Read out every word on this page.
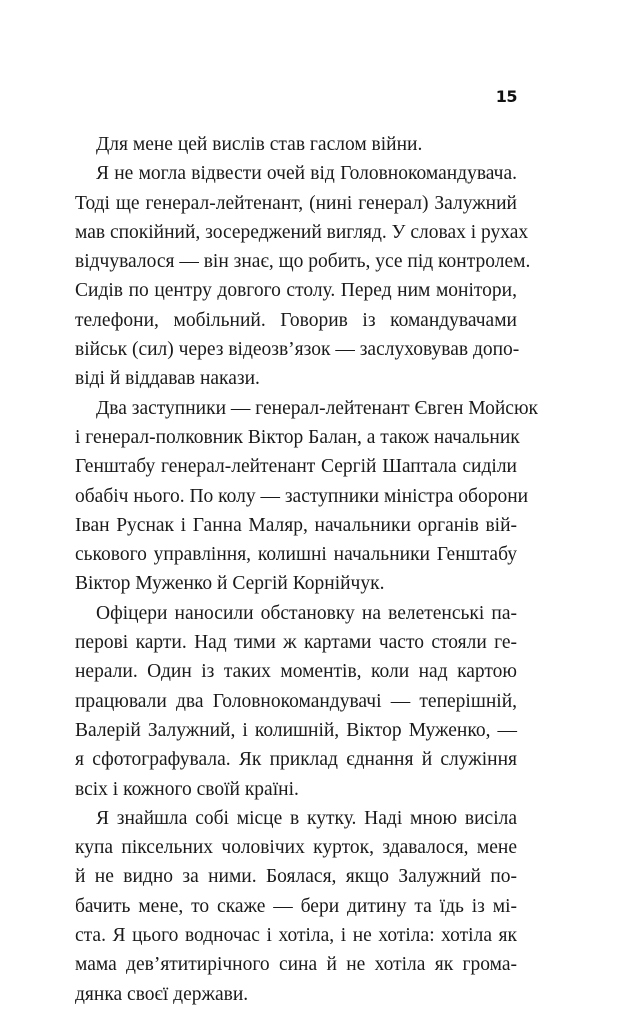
15
Для мене цей вислів став гаслом війни.
Я не могла відвести очей від Головнокомандувача.
Тоді ще генерал-лейтенант, (нині генерал) Залужний
мав спокійний, зосереджений вигляд. У словах і рухах
відчувалося — він знає, що робить, усе під контролем.
Сидів по центру довгого столу. Перед ним монітори,
телефони, мобільний. Говорив із командувачами
військ (сил) через відеозв’язок — заслуховував допо-
віді й віддавав накази.
Два заступники — генерал-лейтенант Євген Мойсюк
і генерал-полковник Віктор Балан, а також начальник
Генштабу генерал-лейтенант Сергій Шаптала сиділи
обабіч нього. По колу — заступники міністра оборони
Іван Руснак і Ганна Маляр, начальники органів вій-
ськового управління, колишні начальники Генштабу
Віктор Муженко й Сергій Корнійчук.
Офіцери наносили обстановку на велетенські па-
перові карти. Над тими ж картами часто стояли ге-
нерали. Один із таких моментів, коли над картою
працювали два Головнокомандувачі — теперішній,
Валерій Залужний, і колишній, Віктор Муженко, —
я сфотографувала. Як приклад єднання й служіння
всіх і кожного своїй країні.
Я знайшла собі місце в кутку. Наді мною висіла
купа піксельних чоловічих курток, здавалося, мене
й не видно за ними. Боялася, якщо Залужний по-
бачить мене, то скаже — бери дитину та їдь із мі-
ста. Я цього водночас і хотіла, і не хотіла: хотіла як
мама дев’ятитирічного сина й не хотіла як грома-
дянка своєї держави.
